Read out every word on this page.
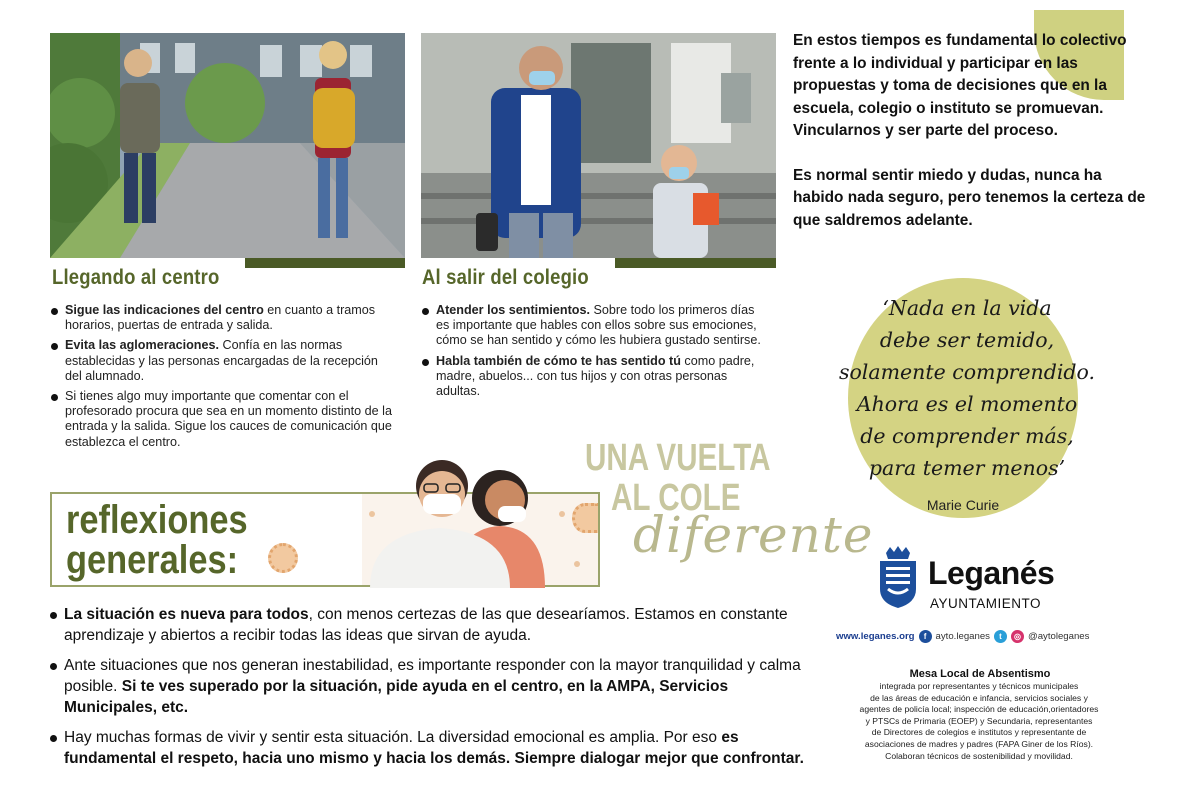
Llegando al centro	Al salir del colegio
Sigue las indicaciones del centro en cuanto a tramos horarios, puertas de entrada y salida.
Evita las aglomeraciones. Confía en las normas establecidas y las personas encargadas de la recepción del alumnado.
Si tienes algo muy importante que comentar con el profesorado procura que sea en un momento distinto de la entrada y la salida. Sigue los cauces de comunicación que establezca el centro.
Atender los sentimientos. Sobre todo los primeros días es importante que hables con ellos sobre sus emociones, cómo se han sentido y cómo les hubiera gustado sentirse.
Habla también de cómo te has sentido tú como padre, madre, abuelos... con tus hijos y con otras personas adultas.

En estos tiempos es fundamental lo colectivo frente a lo individual y participar en las propuestas y toma de decisiones que en la escuela, colegio o instituto se promuevan. Vincularnos y ser parte del proceso.

Es normal sentir miedo y dudas, nunca ha habido nada seguro, pero tenemos la certeza de que saldremos adelante.

‘Nada en la vida
debe ser temido,
solamente comprendido.
Ahora es el momento
de comprender más,
para temer menos’
Marie Curie
UNA VUELTA
AL COLE
diferente
reflexiones
generales:
La situación es nueva para todos, con menos certezas de las que desearíamos. Estamos en constante aprendizaje y abiertos a recibir todas las ideas que sirvan de ayuda.
Ante situaciones que nos generan inestabilidad, es importante responder con la mayor tranquilidad y calma posible. Si te ves superado por la situación, pide ayuda en el centro, en la AMPA, Servicios Municipales, etc.
Hay muchas formas de vivir y sentir esta situación. La diversidad emocional es amplia. Por eso es fundamental el respeto, hacia uno mismo y hacia los demás. Siempre dialogar mejor que confrontar.
Leganés
AYUNTAMIENTO
www.leganes.org	f ayto.leganes	t	◎ @aytoleganes
Mesa Local de Absentismo
integrada por representantes y técnicos municipales
de las áreas de educación e infancia, servicios sociales y
agentes de policía local; inspección de educación,orientadores
y PTSCs de Primaria (EOEP) y Secundaria, representantes
de Directores de colegios e institutos y representante de
asociaciones de madres y padres (FAPA Giner de los Ríos).
Colaboran técnicos de sostenibilidad y movilidad.
